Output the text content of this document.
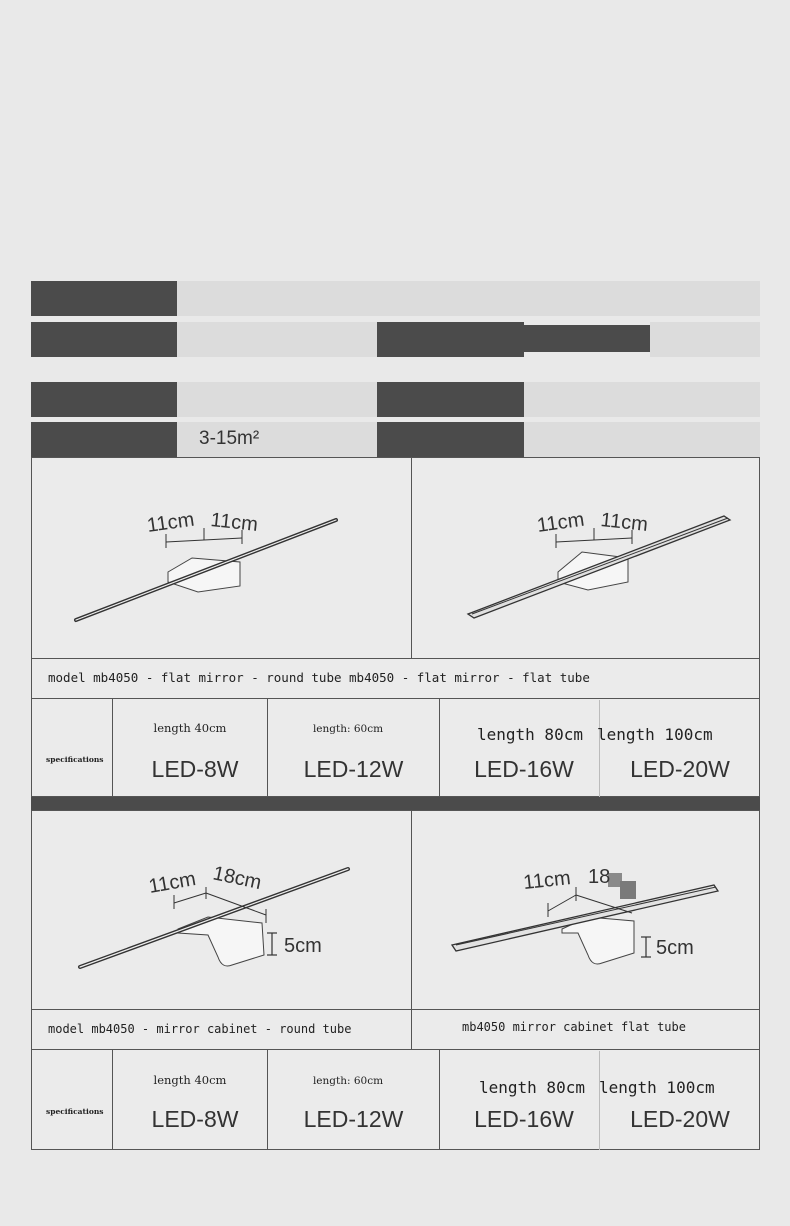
3-15m²
11cm 11cm	11cm 11cm
model mb4050 - flat mirror - round tube mb4050 - flat mirror - flat tube
specifications
length 40cm
LED-8W
length: 60cm
LED-12W
length 80cm
LED-16W
length 100cm
LED-20W
11cm 18cm
5cm
11cm 18
5cm
model mb4050 - mirror cabinet - round tube	mb4050 mirror cabinet flat tube
specifications
length 40cm
LED-8W
length: 60cm
LED-12W
length 80cm
LED-16W
length 100cm
LED-20W
